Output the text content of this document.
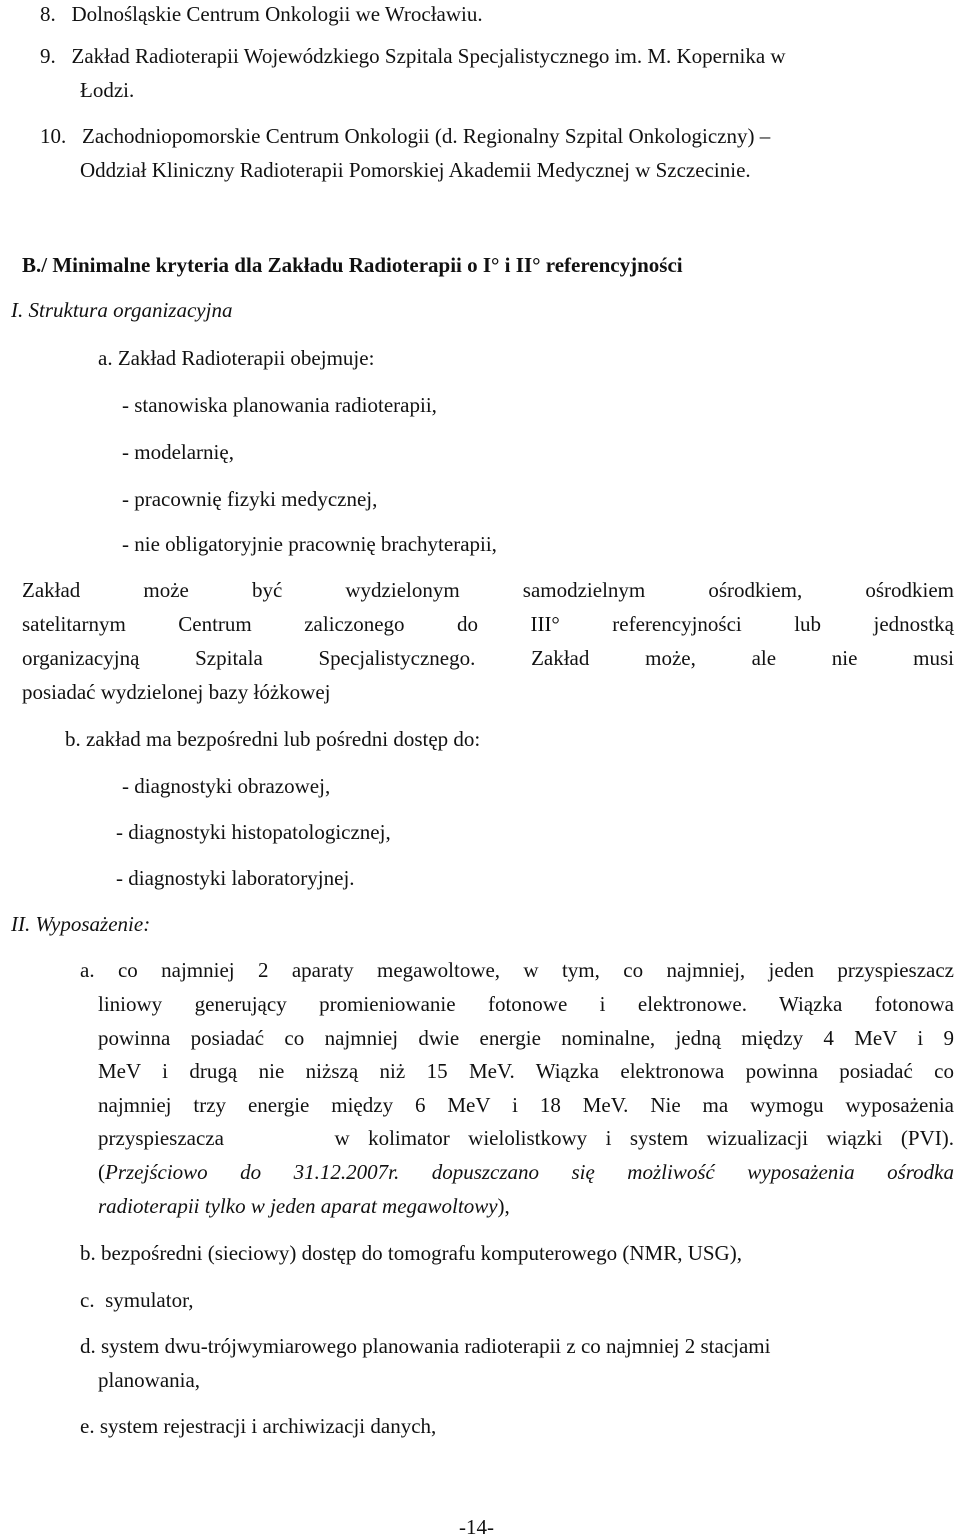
8. Dolnośląskie Centrum Onkologii we Wrocławiu.
9. Zakład Radioterapii Wojewódzkiego Szpitala Specjalistycznego im. M. Kopernika w
Łodzi.
10. Zachodniopomorskie Centrum Onkologii (d. Regionalny Szpital Onkologiczny) –
Oddział Kliniczny Radioterapii Pomorskiej Akademii Medycznej w Szczecinie.
B./ Minimalne kryteria dla Zakładu Radioterapii o I° i II° referencyjności
I. Struktura organizacyjna
a. Zakład Radioterapii obejmuje:
- stanowiska planowania radioterapii,
- modelarnię,
- pracownię fizyki medycznej,
- nie obligatoryjnie pracownię brachyterapii,
Zakład może być wydzielonym samodzielnym ośrodkiem, ośrodkiem
satelitarnym Centrum zaliczonego do III° referencyjności lub jednostką
organizacyjną Szpitala Specjalistycznego. Zakład może, ale nie musi
posiadać wydzielonej bazy łóżkowej
b. zakład ma bezpośredni lub pośredni dostęp do:
- diagnostyki obrazowej,
- diagnostyki histopatologicznej,
- diagnostyki laboratoryjnej.
II. Wyposażenie:
a. co najmniej 2 aparaty megawoltowe, w tym, co najmniej, jeden przyspieszacz
liniowy generujący promieniowanie fotonowe i elektronowe. Wiązka fotonowa
powinna posiadać co najmniej dwie energie nominalne, jedną między 4 MeV i 9
MeV i drugą nie niższą niż 15 MeV. Wiązka elektronowa powinna posiadać co
najmniej trzy energie między 6 MeV i 18 MeV. Nie ma wymogu wyposażenia
przyspieszacza      w kolimator wielolistkowy i system wizualizacji wiązki (PVI).
(Przejściowo do 31.12.2007r. dopuszczano się możliwość wyposażenia ośrodka
radioterapii tylko w jeden aparat megawoltowy),
b. bezpośredni (sieciowy) dostęp do tomografu komputerowego (NMR, USG),
c.  symulator,
d. system dwu-trójwymiarowego planowania radioterapii z co najmniej 2 stacjami
planowania,
e. system rejestracji i archiwizacji danych,
-14-
